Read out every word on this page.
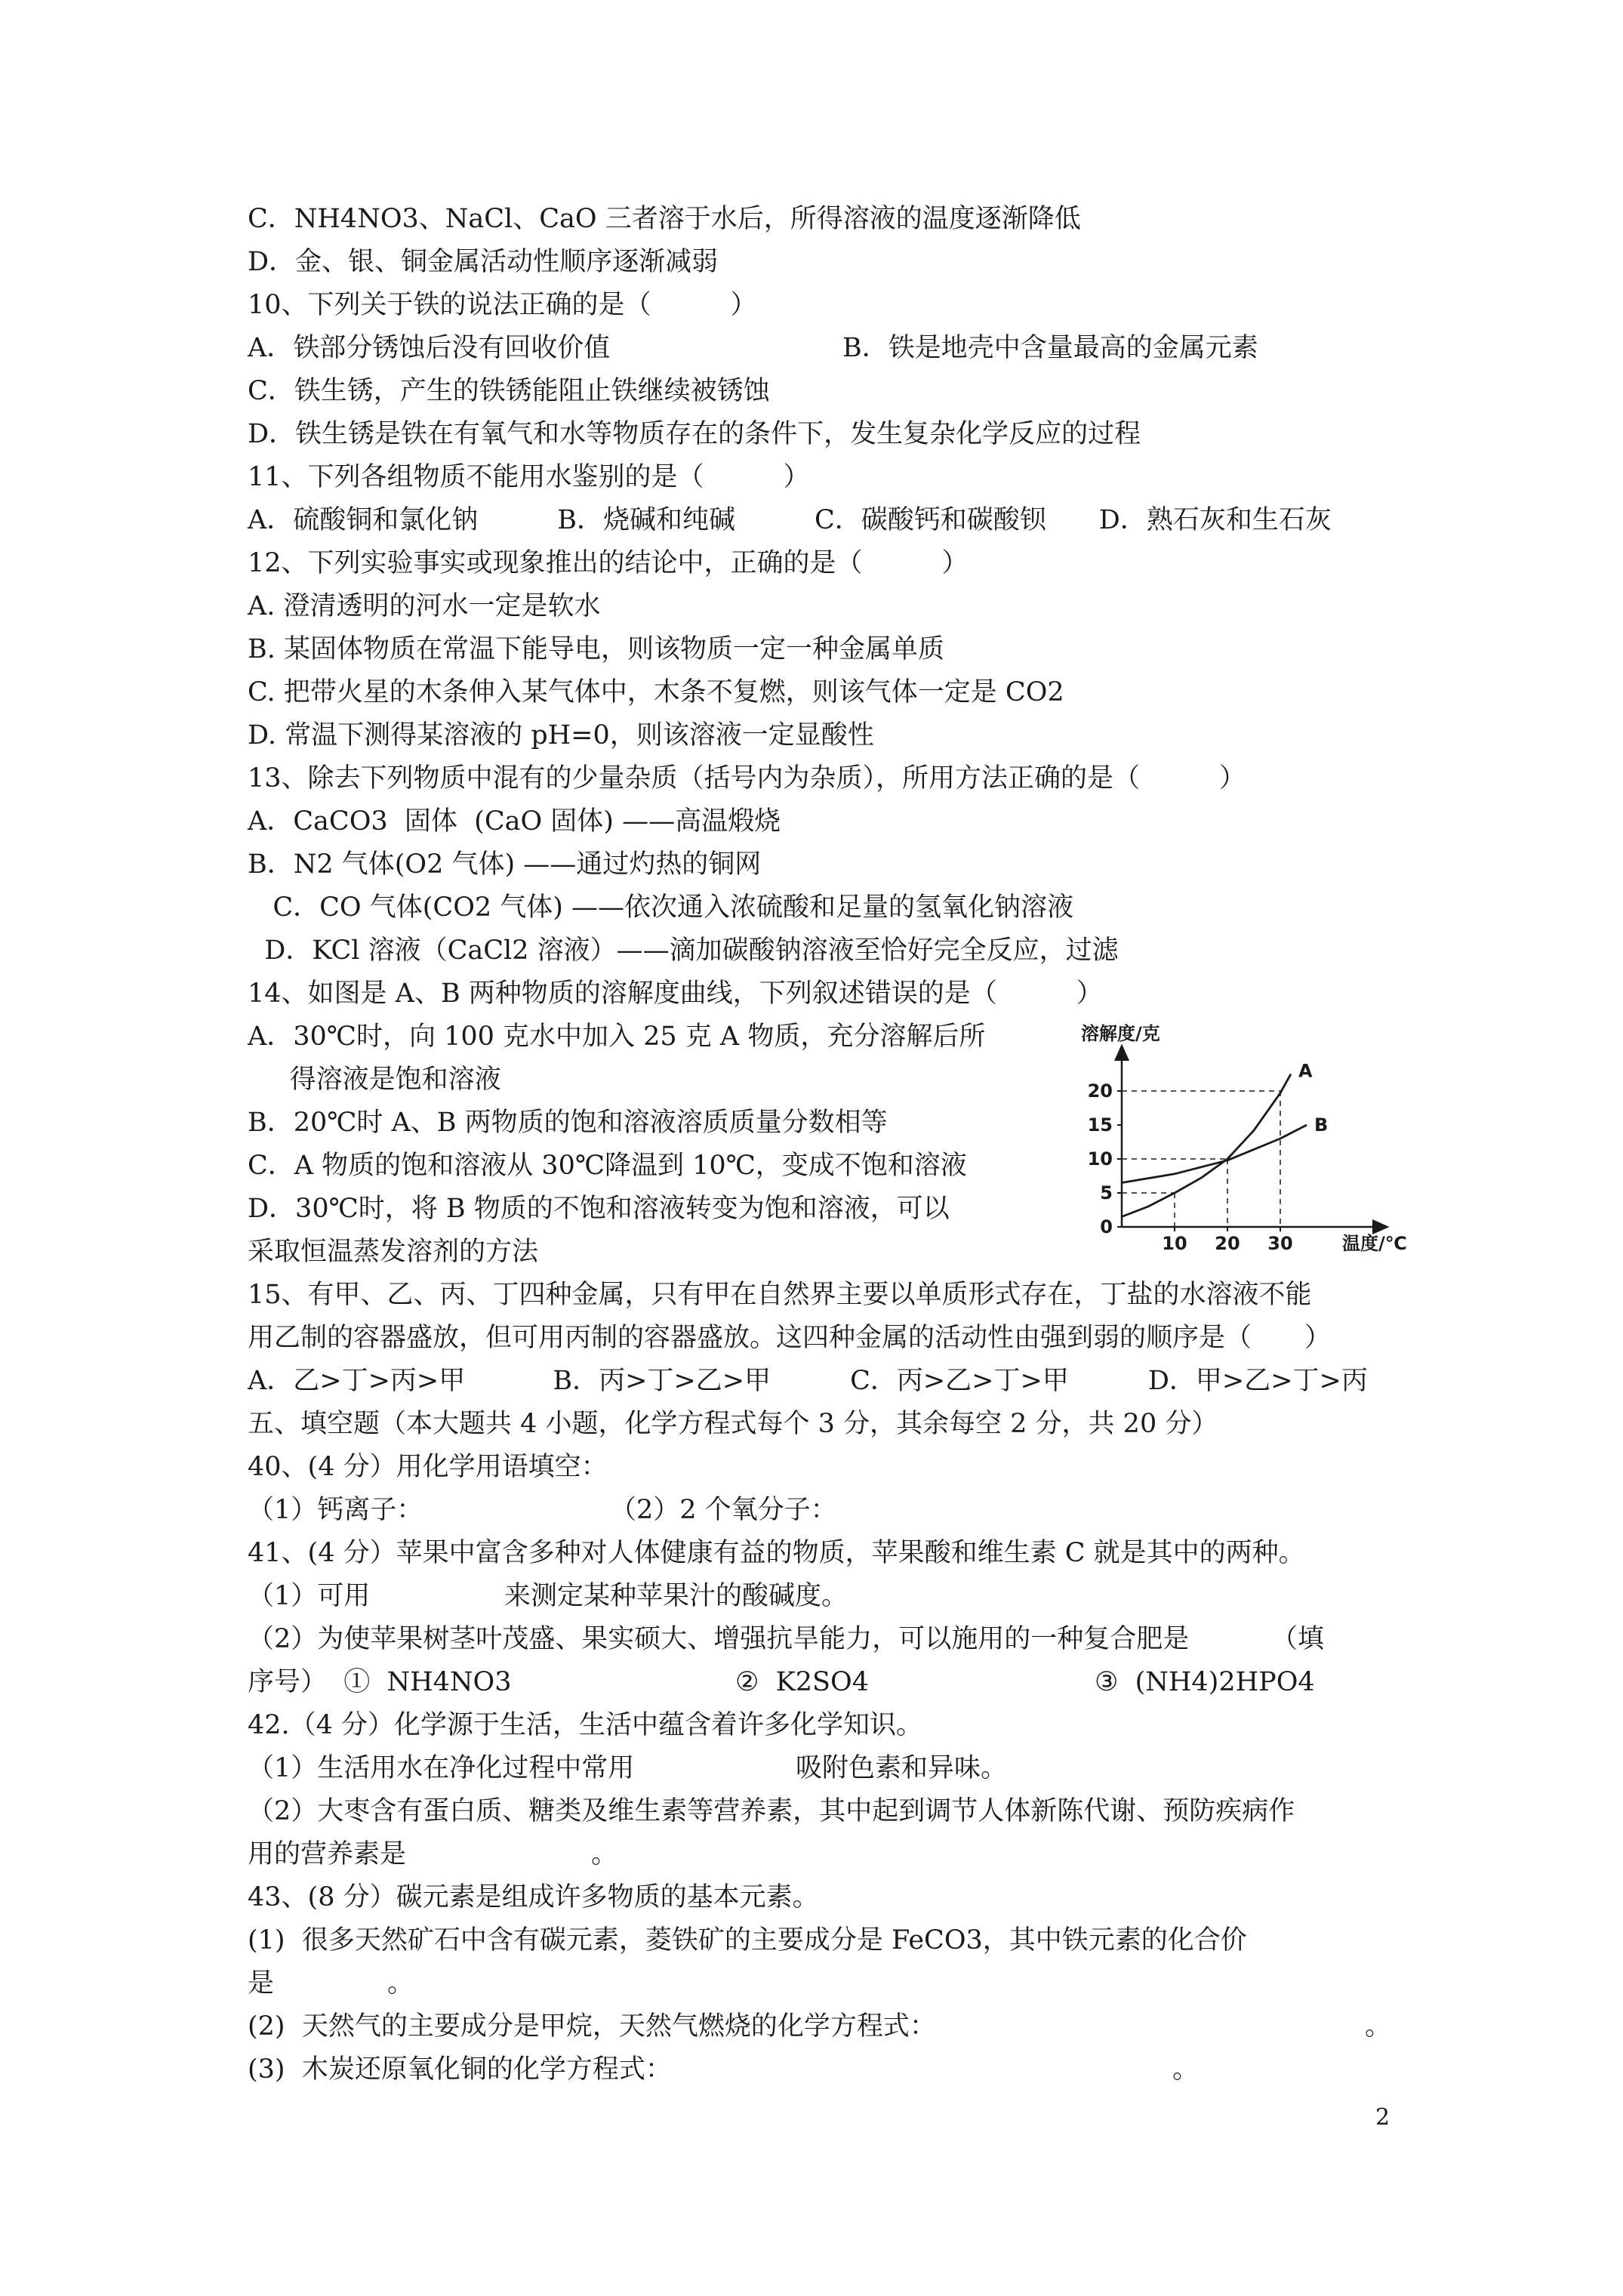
C．NH4NO3、NaCl、CaO 三者溶于水后，所得溶液的温度逐渐降低
D．金、银、铜金属活动性顺序逐渐减弱
10、下列关于铁的说法正确的是（　　　）
A．铁部分锈蚀后没有回收价值	B．铁是地壳中含量最高的金属元素
C．铁生锈，产生的铁锈能阻止铁继续被锈蚀
D．铁生锈是铁在有氧气和水等物质存在的条件下，发生复杂化学反应的过程
11、下列各组物质不能用水鉴别的是（　　　）
A．硫酸铜和氯化钠　　　B．烧碱和纯碱　　　C．碳酸钙和碳酸钡　　D．熟石灰和生石灰
12、下列实验事实或现象推出的结论中，正确的是（　　　）
A. 澄清透明的河水一定是软水
B. 某固体物质在常温下能导电，则该物质一定一种金属单质
C. 把带火星的木条伸入某气体中，木条不复燃，则该气体一定是 CO2
D. 常温下测得某溶液的 pH=0，则该溶液一定显酸性
13、除去下列物质中混有的少量杂质（括号内为杂质），所用方法正确的是（　　　）
A．CaCO3  固体  (CaO 固体) ——高温煅烧
B．N2 气体(O2 气体) ——通过灼热的铜网
C．CO 气体(CO2 气体) ——依次通入浓硫酸和足量的氢氧化钠溶液
D．KCl 溶液（CaCl2 溶液）——滴加碳酸钠溶液至恰好完全反应，过滤
14、如图是 A、B 两种物质的溶解度曲线，下列叙述错误的是（　　　）
A．30℃时，向 100 克水中加入 25 克 A 物质，充分溶解后所
得溶液是饱和溶液
B．20℃时 A、B 两物质的饱和溶液溶质质量分数相等
C．A 物质的饱和溶液从 30℃降温到 10℃，变成不饱和溶液
D．30℃时，将 B 物质的不饱和溶液转变为饱和溶液，可以
采取恒温蒸发溶剂的方法
15、有甲、乙、丙、丁四种金属，只有甲在自然界主要以单质形式存在，丁盐的水溶液不能
用乙制的容器盛放，但可用丙制的容器盛放。这四种金属的活动性由强到弱的顺序是（　　）
A．乙>丁>丙>甲　　　 B．丙>丁>乙>甲　　　C．丙>乙>丁>甲　　　D．甲>乙>丁>丙
五、填空题（本大题共 4 小题，化学方程式每个 3 分，其余每空 2 分，共 20 分）
40、(4 分）用化学用语填空：
（1）钙离子：	（2）2 个氧分子：
41、(4 分）苹果中富含多种对人体健康有益的物质，苹果酸和维生素 C 就是其中的两种。
（1）可用	来测定某种苹果汁的酸碱度。
（2）为使苹果树茎叶茂盛、果实硕大、增强抗旱能力，可以施用的一种复合肥是	（填
序号）  ①  NH4NO3	②  K2SO4	③  (NH4)2HPO4
42.（4 分）化学源于生活，生活中蕴含着许多化学知识。
（1）生活用水在净化过程中常用	吸附色素和异味。
（2）大枣含有蛋白质、糖类及维生素等营养素，其中起到调节人体新陈代谢、预防疾病作
用的营养素是	。
43、(8 分）碳元素是组成许多物质的基本元素。
(1)  很多天然矿石中含有碳元素，菱铁矿的主要成分是 FeCO3，其中铁元素的化合价
是	。
(2)  天然气的主要成分是甲烷，天然气燃烧的化学方程式：	。
(3)  木炭还原氧化铜的化学方程式：	。
溶解度/克
温度/℃
0
5
10
15
20
10 20 30
A
B
2
